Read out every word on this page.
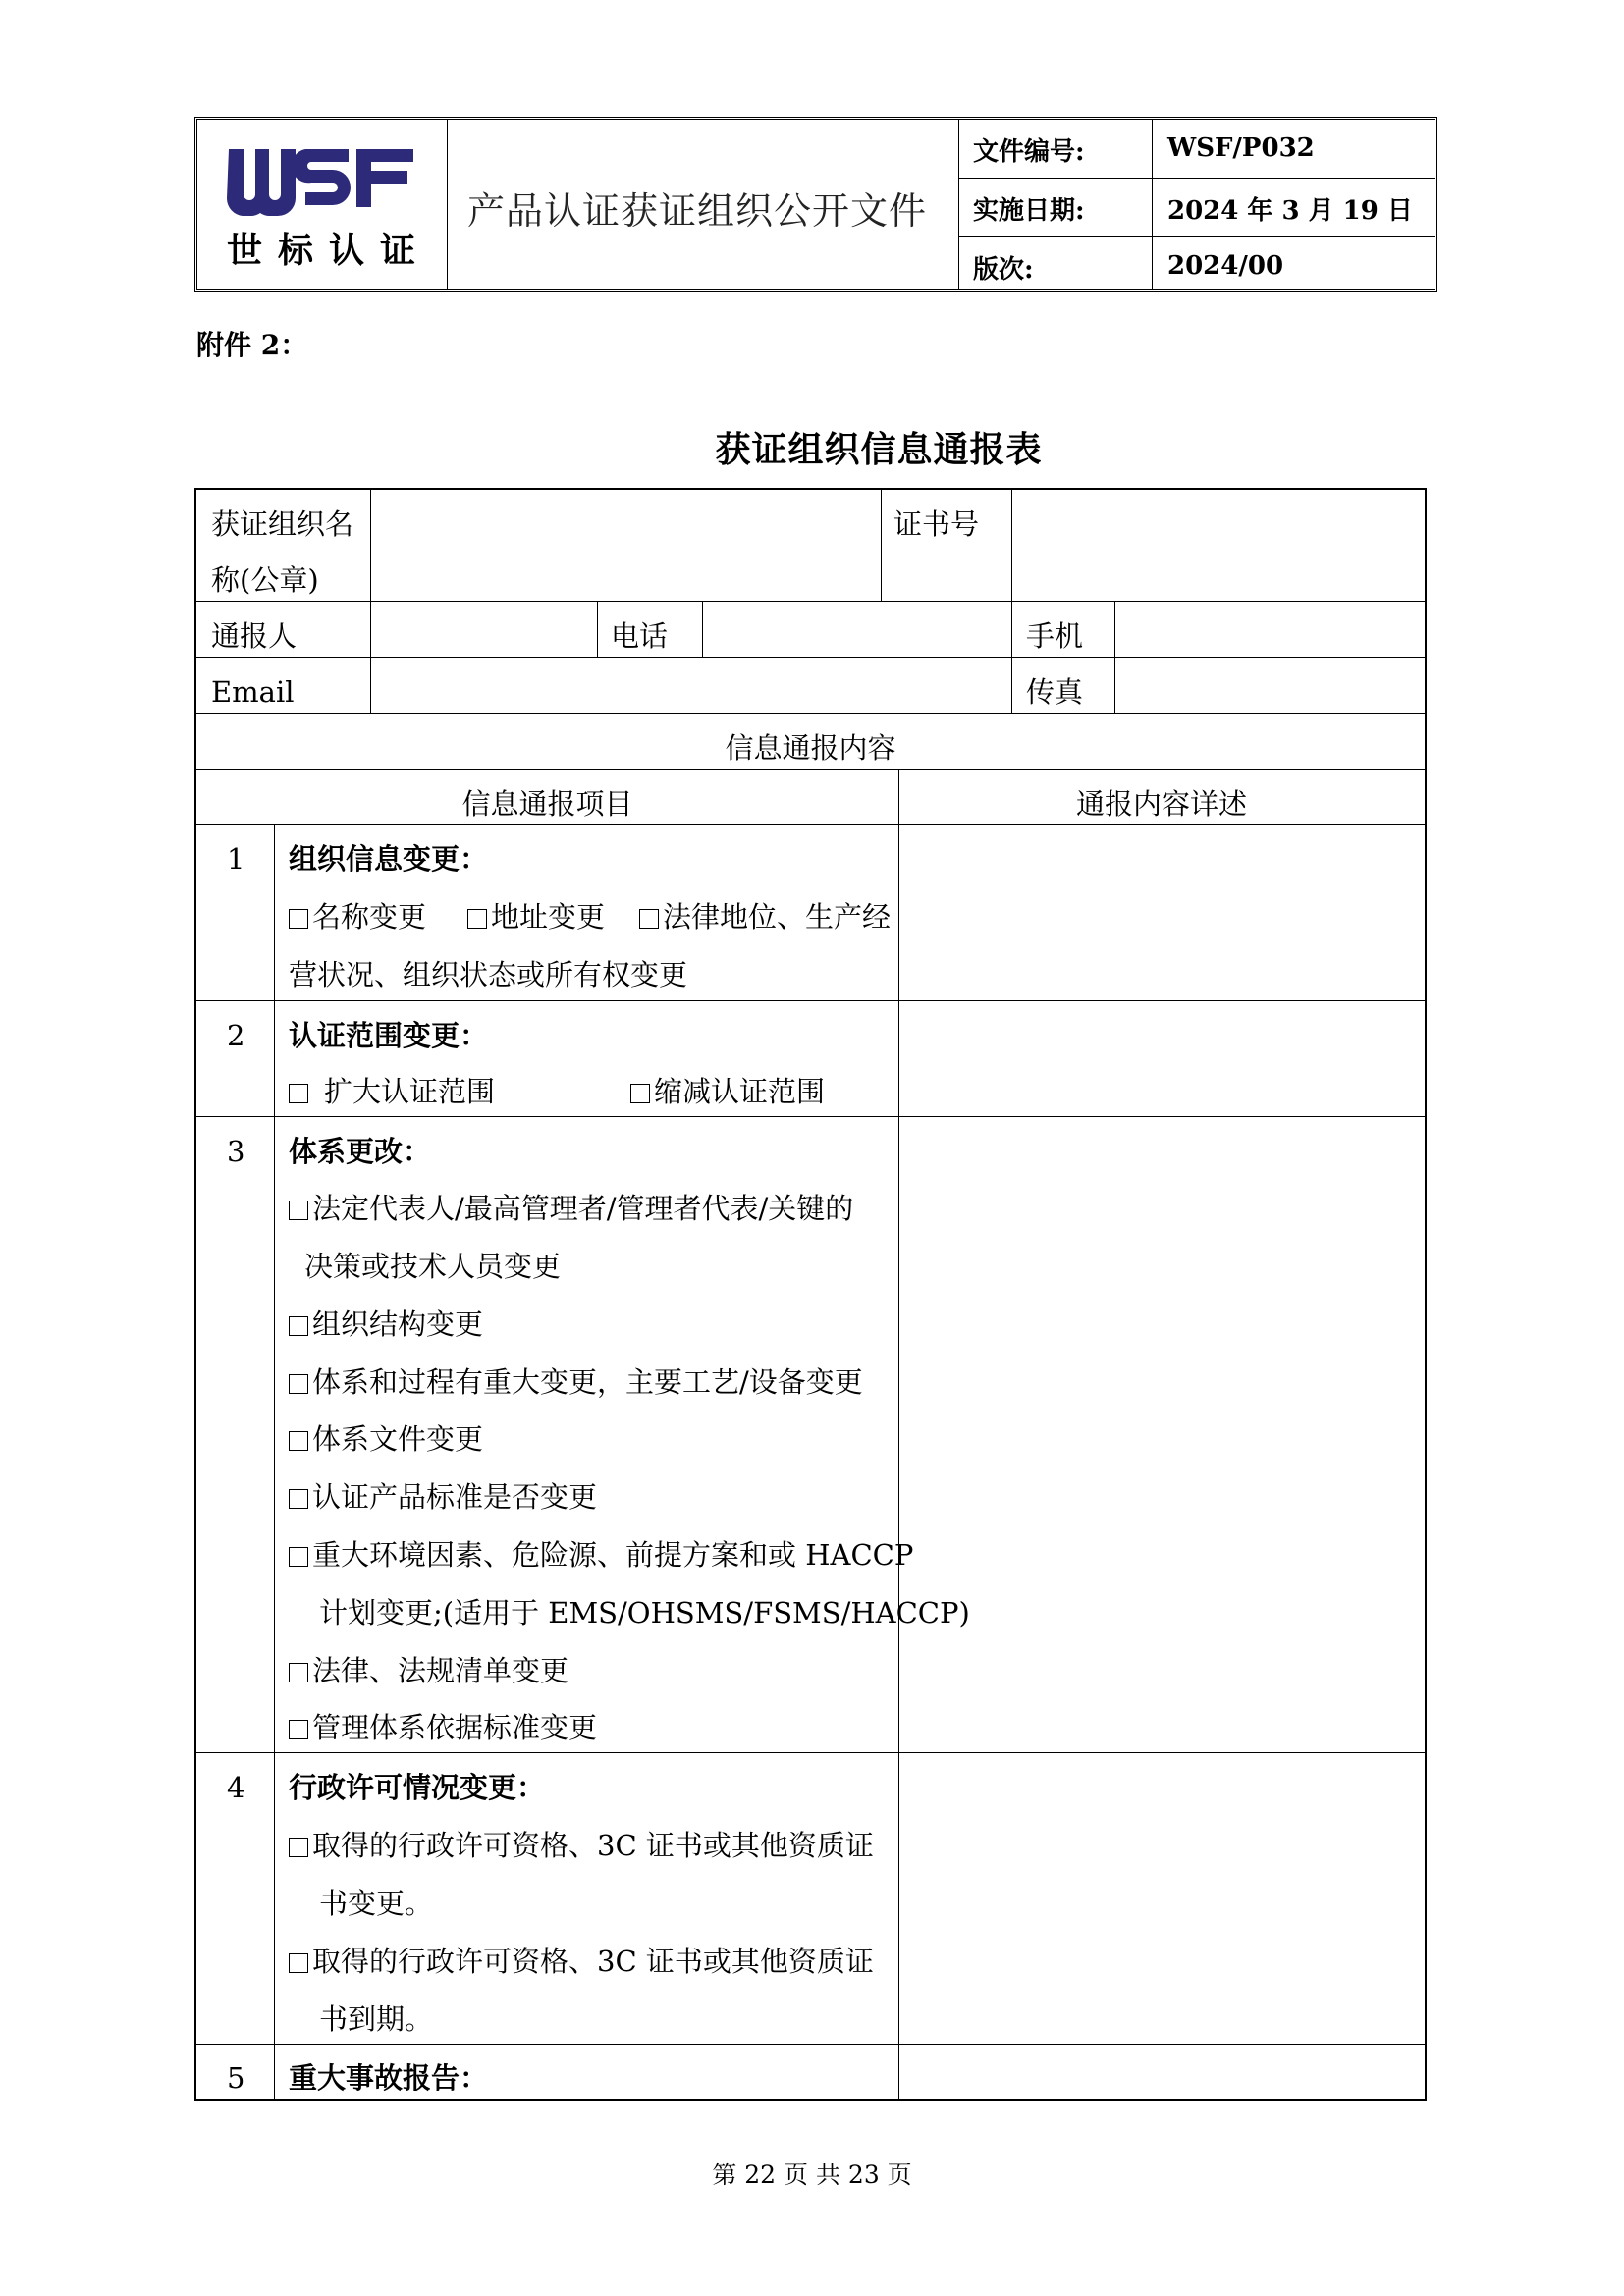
世标认证
产品认证获证组织公开文件
文件编号:	WSF/P032
实施日期:	2024 年 3 月 19 日
版次:	2024/00
附件 2：
获证组织信息通报表
获证组织名
称(公章)
证书号
通报人	电话	手机
Email	传真
信息通报内容
信息通报项目	通报内容详述
1 组织信息变更：
名称变更	地址变更	法律地位、生产经
营状况、组织状态或所有权变更
2 认证范围变更：
扩大认证范围	缩减认证范围
3 体系更改：
法定代表人/最高管理者/管理者代表/关键的
决策或技术人员变更
组织结构变更
体系和过程有重大变更，主要工艺/设备变更
体系文件变更
认证产品标准是否变更
重大环境因素、危险源、前提方案和或 HACCP
计划变更;(适用于 EMS/OHSMS/FSMS/HACCP)
法律、法规清单变更
管理体系依据标准变更
4 行政许可情况变更：
取得的行政许可资格、3C 证书或其他资质证
书变更。
取得的行政许可资格、3C 证书或其他资质证
书到期。
5 重大事故报告：
第 22 页 共 23 页
